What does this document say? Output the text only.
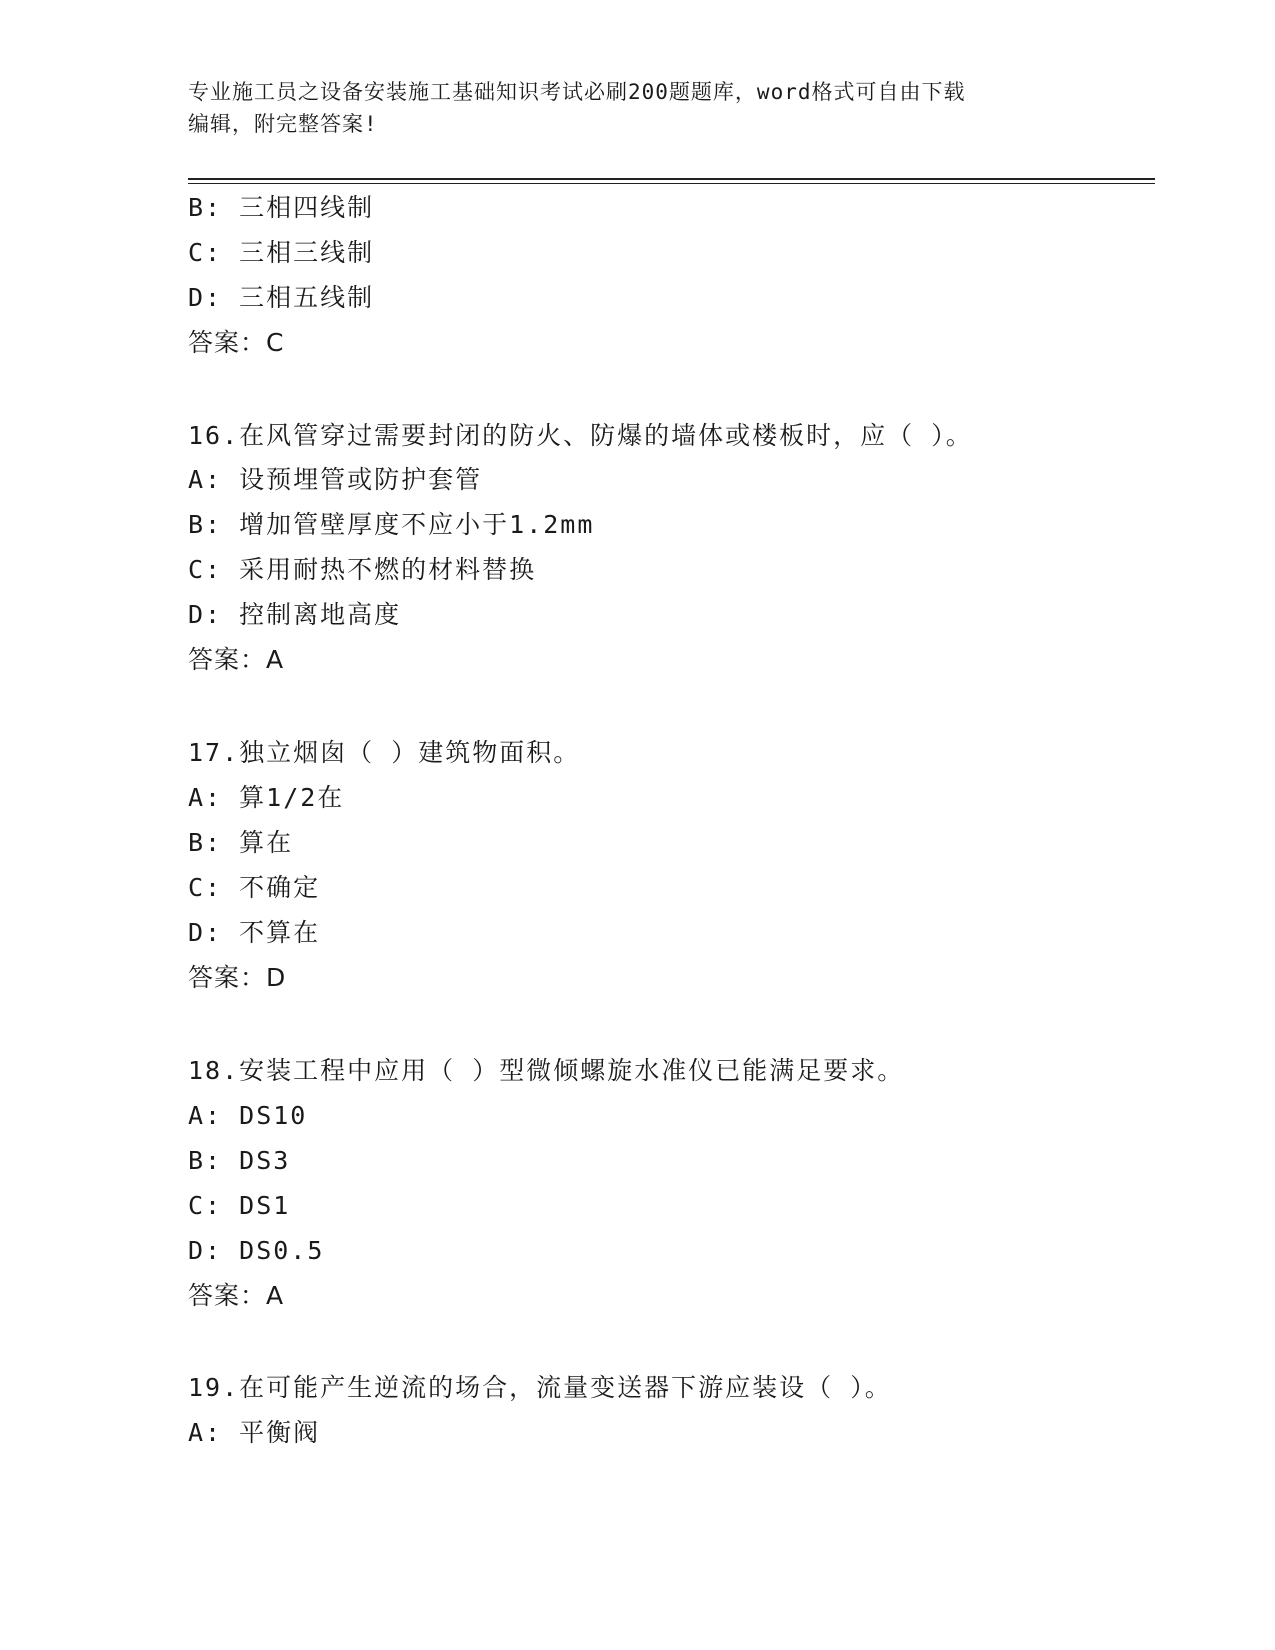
专业施工员之设备安装施工基础知识考试必刷200题题库，word格式可自由下载
编辑，附完整答案!
B: 三相四线制
C: 三相三线制
D: 三相五线制
答案：C
16.在风管穿过需要封闭的防火、防爆的墙体或楼板时，应（ ）。
A: 设预埋管或防护套管
B: 增加管壁厚度不应小于1.2mm
C: 采用耐热不燃的材料替换
D: 控制离地高度
答案：A
17.独立烟囱（ ）建筑物面积。
A: 算1/2在
B: 算在
C: 不确定
D: 不算在
答案：D
18.安装工程中应用（ ）型微倾螺旋水准仪已能满足要求。
A: DS10
B: DS3
C: DS1
D: DS0.5
答案：A
19.在可能产生逆流的场合，流量变送器下游应装设（ ）。
A: 平衡阀
